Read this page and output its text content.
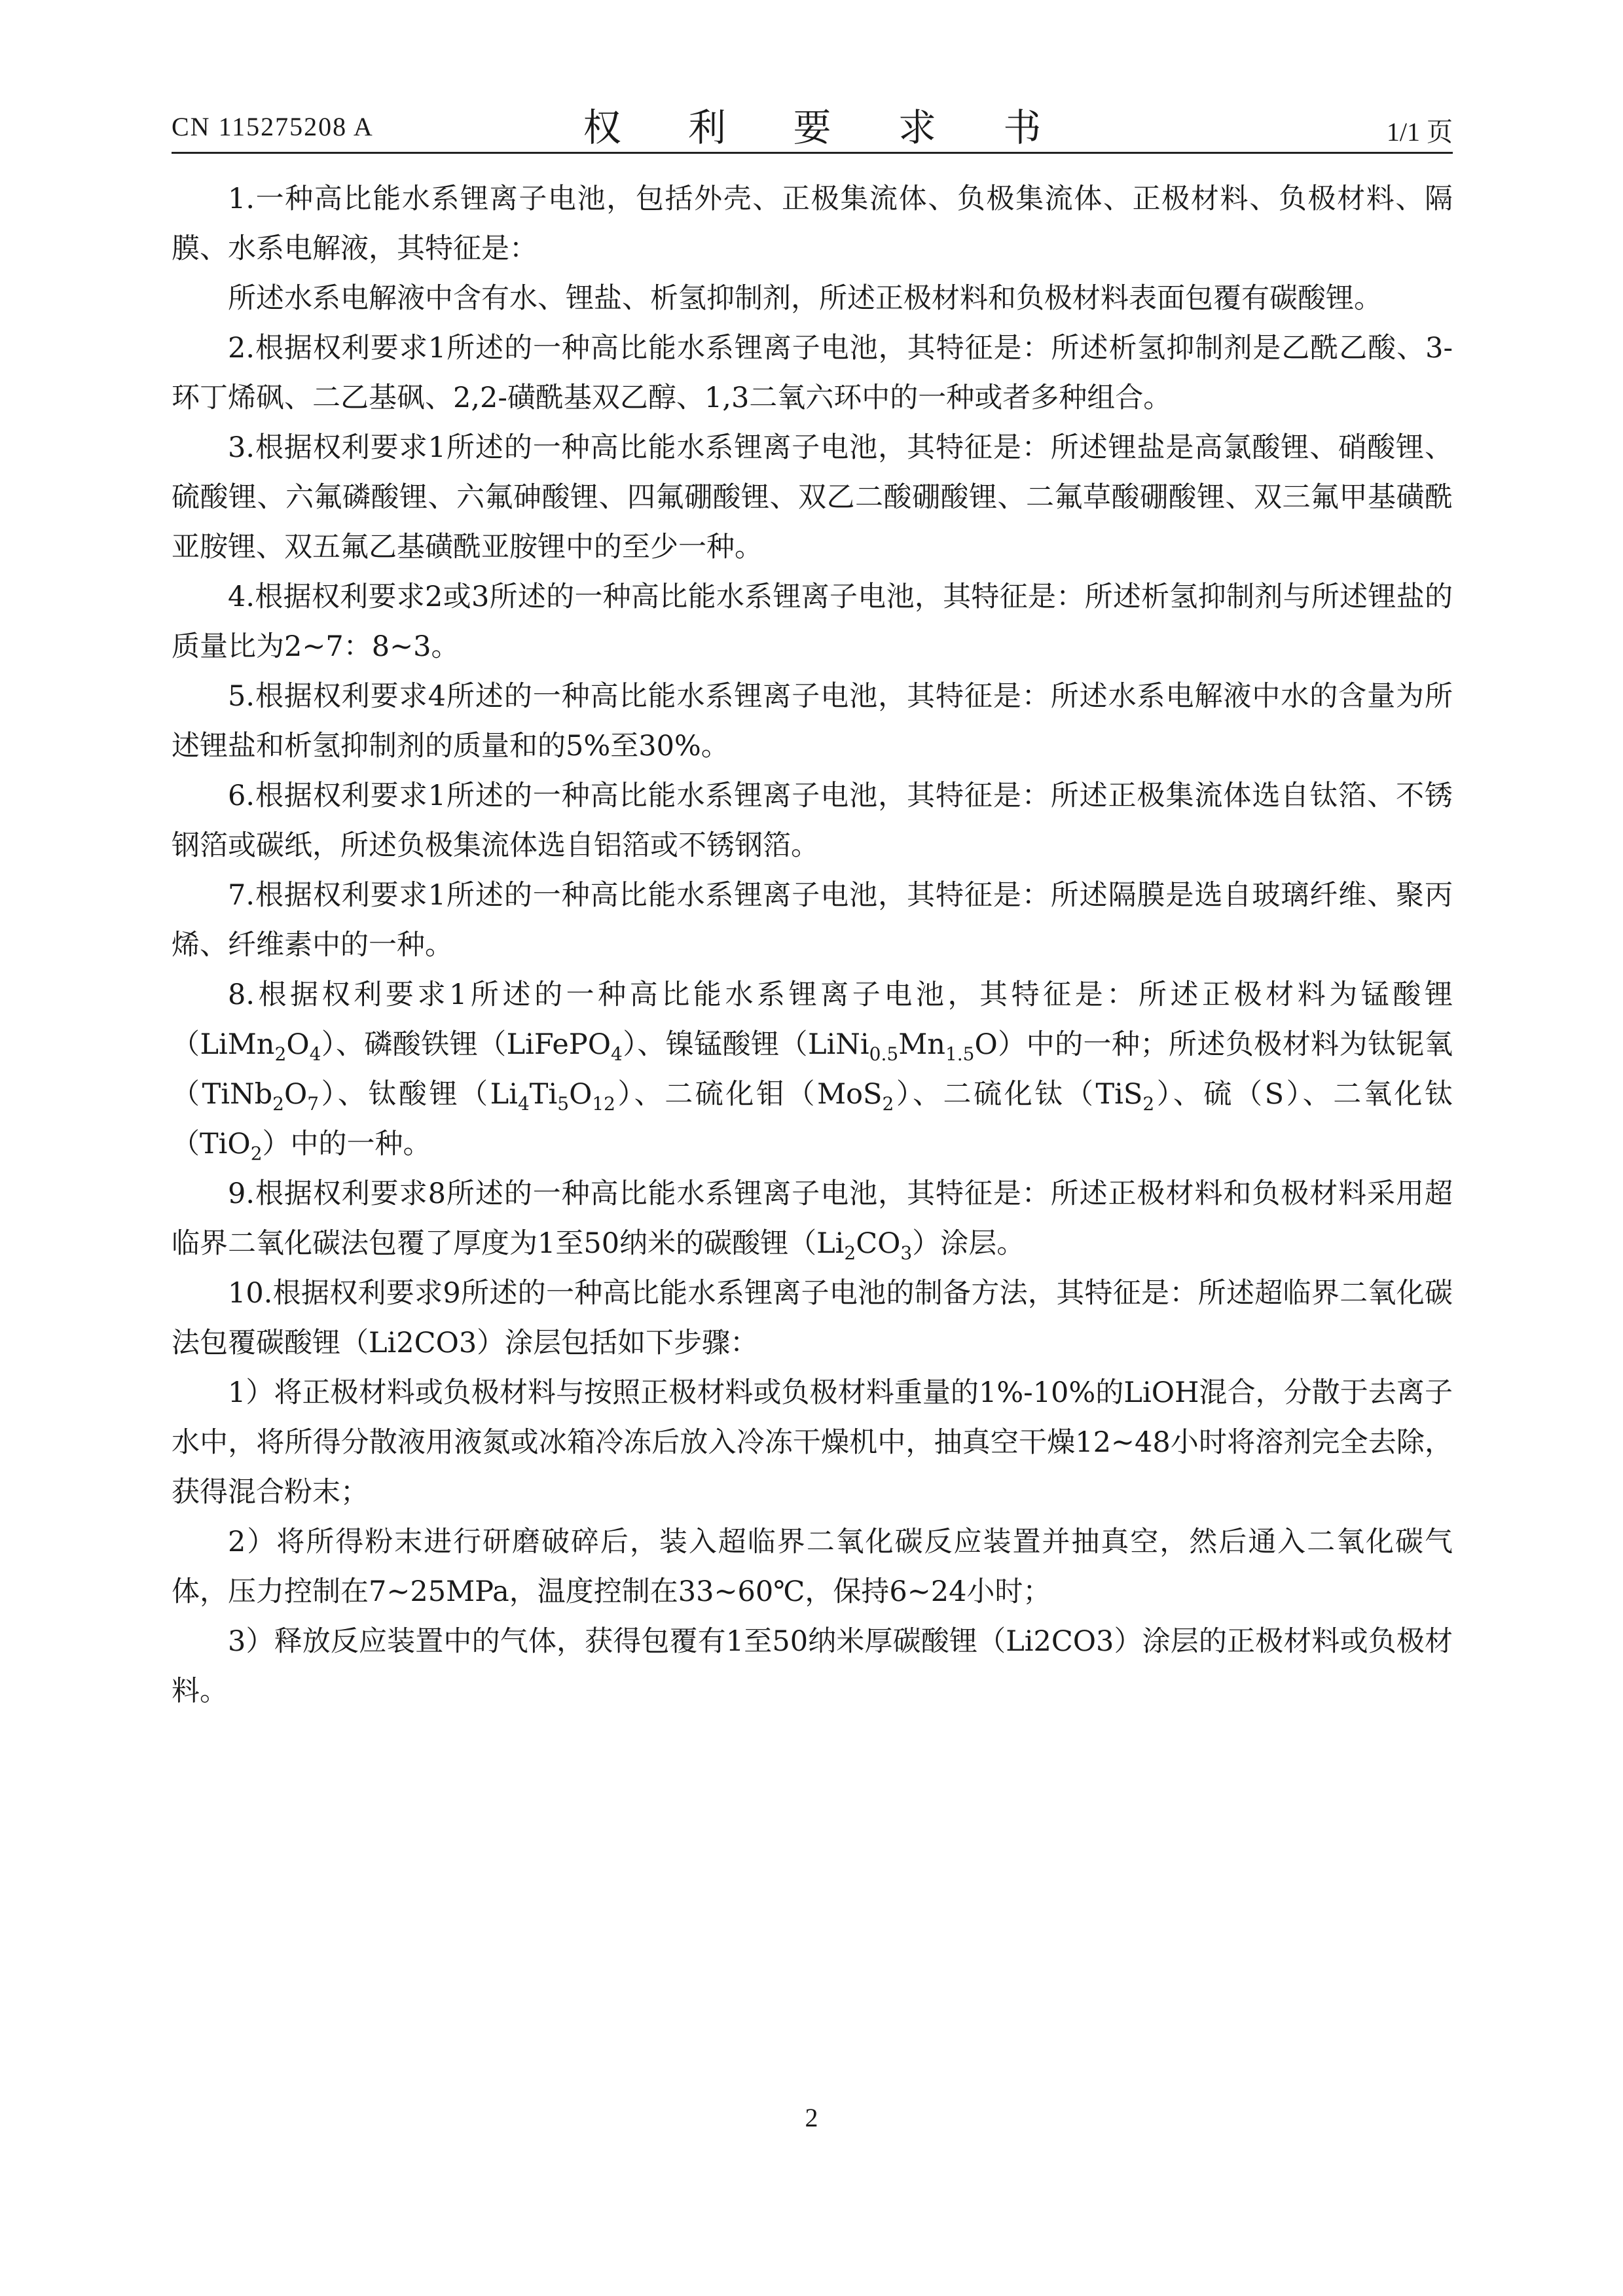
CN 115275208 A	权 利 要 求 书	1/1 页

1.一种高比能水系锂离子电池，包括外壳、正极集流体、负极集流体、正极材料、负极材料、隔膜、水系电解液，其特征是：

所述水系电解液中含有水、锂盐、析氢抑制剂，所述正极材料和负极材料表面包覆有碳酸锂。

2.根据权利要求1所述的一种高比能水系锂离子电池，其特征是：所述析氢抑制剂是乙酰乙酸、3-环丁烯砜、二乙基砜、2,2-磺酰基双乙醇、1,3二氧六环中的一种或者多种组合。

3.根据权利要求1所述的一种高比能水系锂离子电池，其特征是：所述锂盐是高氯酸锂、硝酸锂、硫酸锂、六氟磷酸锂、六氟砷酸锂、四氟硼酸锂、双乙二酸硼酸锂、二氟草酸硼酸锂、双三氟甲基磺酰亚胺锂、双五氟乙基磺酰亚胺锂中的至少一种。

4.根据权利要求2或3所述的一种高比能水系锂离子电池，其特征是：所述析氢抑制剂与所述锂盐的质量比为2~7：8~3。

5.根据权利要求4所述的一种高比能水系锂离子电池，其特征是：所述水系电解液中水的含量为所述锂盐和析氢抑制剂的质量和的5%至30%。

6.根据权利要求1所述的一种高比能水系锂离子电池，其特征是：所述正极集流体选自钛箔、不锈钢箔或碳纸，所述负极集流体选自铝箔或不锈钢箔。

7.根据权利要求1所述的一种高比能水系锂离子电池，其特征是：所述隔膜是选自玻璃纤维、聚丙烯、纤维素中的一种。

8.根据权利要求1所述的一种高比能水系锂离子电池，其特征是：所述正极材料为锰酸锂$(LiMn_2O_4)$、磷酸铁锂（LiFePO$_4$）、镍锰酸锂$(LiNi_{0.5}Mn_{1.5}O)$中的一种；所述负极材料为钛铌氧$(TiNb_2O_7)$、钛酸锂$(Li_4Ti_5O_{12})$、二硫化钼（MoS$_2$）、二硫化钛（TiS$_2$）、硫（S）、二氧化钛（TiO$_2$）中的一种。

9.根据权利要求8所述的一种高比能水系锂离子电池，其特征是：所述正极材料和负极材料采用超临界二氧化碳法包覆了厚度为1至50纳米的碳酸锂$(Li_2CO_3)$涂层。

10.根据权利要求9所述的一种高比能水系锂离子电池的制备方法，其特征是：所述超临界二氧化碳法包覆碳酸锂（Li2CO3）涂层包括如下步骤：

1）将正极材料或负极材料与按照正极材料或负极材料重量的1%-10%的LiOH混合，分散于去离子水中，将所得分散液用液氮或冰箱冷冻后放入冷冻干燥机中，抽真空干燥12~48小时将溶剂完全去除，获得混合粉末；

2）将所得粉末进行研磨破碎后，装入超临界二氧化碳反应装置并抽真空，然后通入二氧化碳气体，压力控制在7~25MPa，温度控制在33~60℃，保持6~24小时；

3）释放反应装置中的气体，获得包覆有1至50纳米厚碳酸锂（Li2CO3）涂层的正极材料或负极材料。

2
